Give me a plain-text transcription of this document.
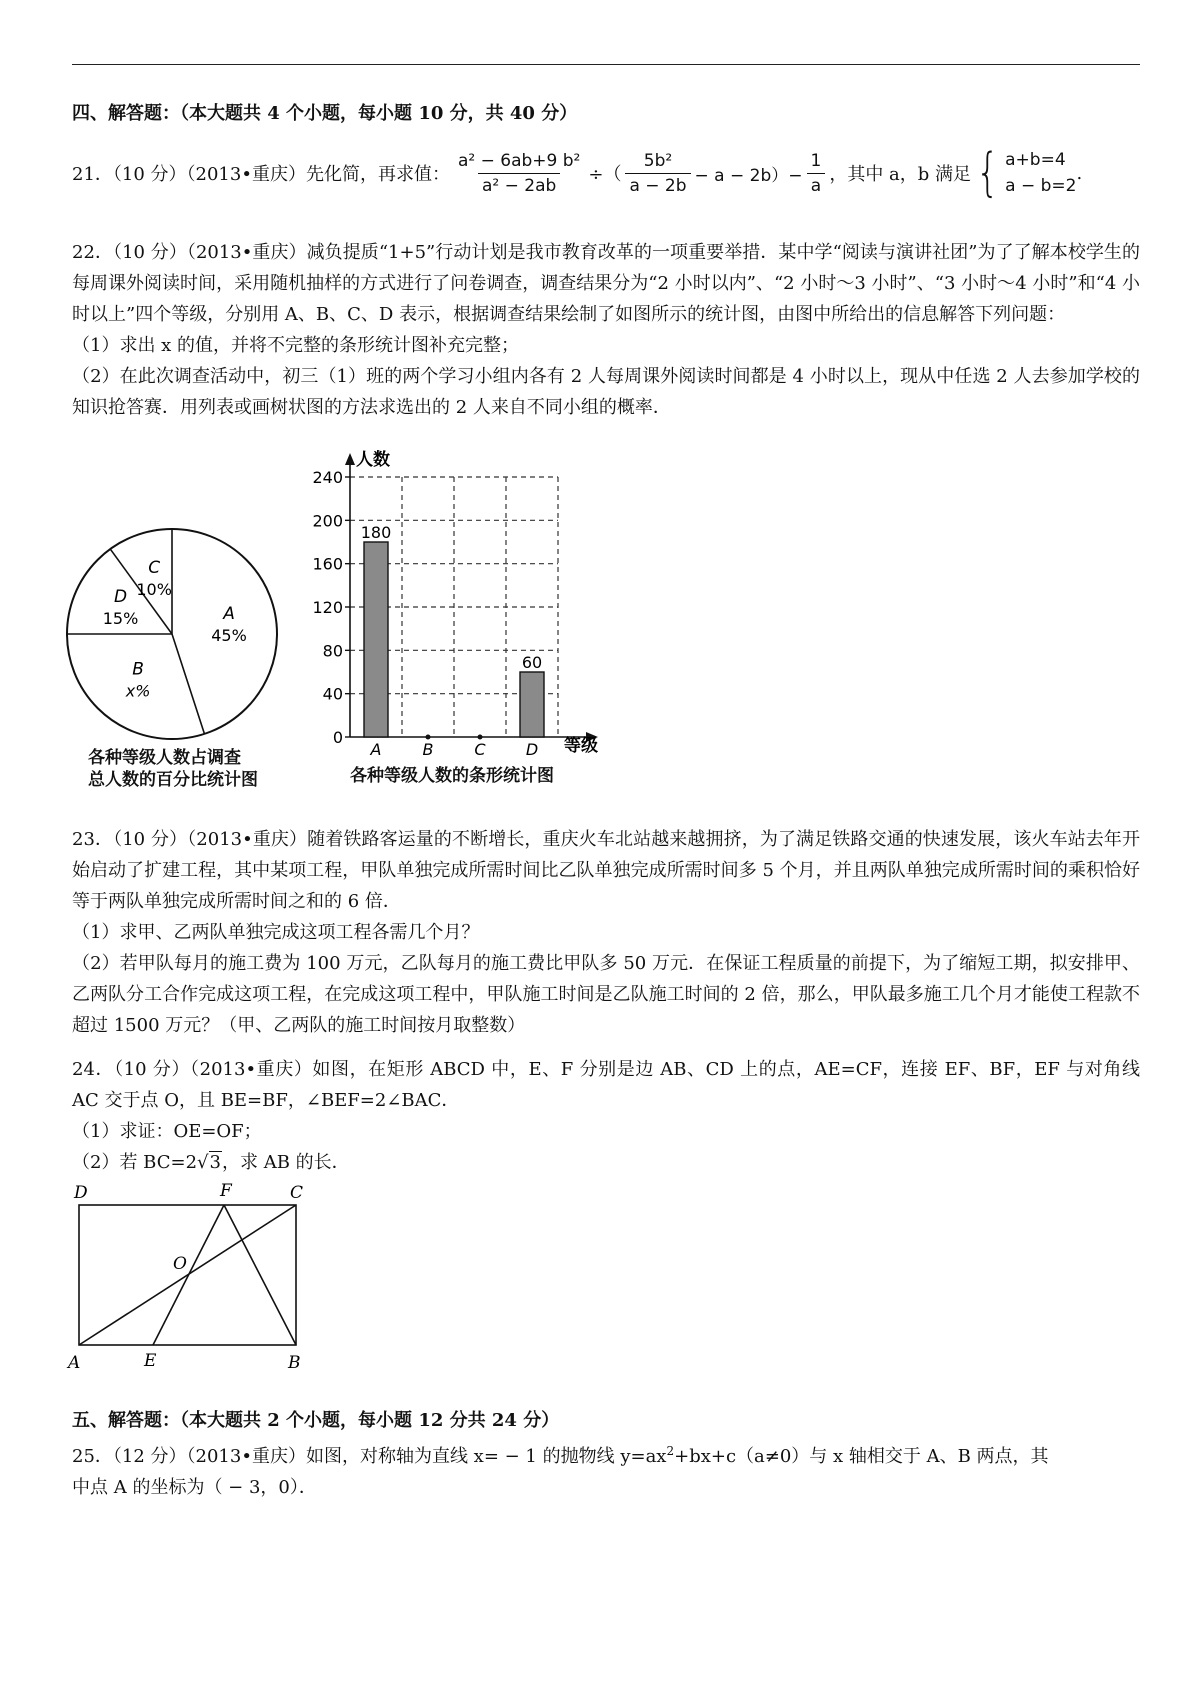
四、解答题：（本大题共 4 个小题，每小题 10 分，共 40 分）
21．（10 分）（2013•重庆）先化简，再求值： $\frac{\text{a² − 6ab+9 b²}}{\text{a² − 2ab}}$ ÷（ $\frac{\text{5b²}}{a - 2b} - a - 2b)- \frac{1}{a}$ ，其中 a，b 满足 { a+b=4
a − b=2
.

22．（10 分）（2013•重庆）减负提质“1+5”行动计划是我市教育改革的一项重要举措．某中学“阅读与演讲社团”为了了解本校学生的每周课外阅读时间，采用随机抽样的方式进行了问卷调查，调查结果分为“2 小时以内”、“2 小时～3 小时”、“3 小时～4 小时”和“4 小时以上”四个等级，分别用 A、B、C、D 表示，根据调查结果绘制了如图所示的统计图，由图中所给出的信息解答下列问题：

（1）求出 x 的值，并将不完整的条形统计图补充完整；

（2）在此次调查活动中，初三（1）班的两个学习小组内各有 2 人每周课外阅读时间都是 4 小时以上，现从中任选 2 人去参加学校的知识抢答赛．用列表或画树状图的方法求选出的 2 人来自不同小组的概率．

A
45%
B
x%
D
15%
C
10%
各种等级人数占调查
总人数的百分比统计图
0
40
80
120
160
200
240
人数
等级
180
A	B	C
60
D
各种等级人数的条形统计图

23．（10 分）（2013•重庆）随着铁路客运量的不断增长，重庆火车北站越来越拥挤，为了满足铁路交通的快速发展，该火车站去年开始启动了扩建工程，其中某项工程，甲队单独完成所需时间比乙队单独完成所需时间多 5 个月，并且两队单独完成所需时间的乘积恰好等于两队单独完成所需时间之和的 6 倍．

（1）求甲、乙两队单独完成这项工程各需几个月？

（2）若甲队每月的施工费为 100 万元，乙队每月的施工费比甲队多 50 万元．在保证工程质量的前提下，为了缩短工期，拟安排甲、乙两队分工合作完成这项工程，在完成这项工程中，甲队施工时间是乙队施工时间的 2 倍，那么，甲队最多施工几个月才能使工程款不超过 1500 万元？（甲、乙两队的施工时间按月取整数）

24．（10 分）（2013•重庆）如图，在矩形 ABCD 中，E、F 分别是边 AB、CD 上的点，AE=CF，连接 EF、BF，EF 与对角线 AC 交于点 O，且 BE=BF，∠BEF=2∠BAC．

（1）求证：OE=OF；

（2）若 BC=2√3，求 AB 的长．

D	F	C
O
A	E	B
五、解答题：（本大题共 2 个小题，每小题 12 分共 24 分）

25．（12 分）（2013•重庆）如图，对称轴为直线 x= − 1 的抛物线 $y=ax^2+bx+c(a\ne 0)$与 x 轴相交于 A、B 两点，其

中点 A 的坐标为（ − 3，0）．
